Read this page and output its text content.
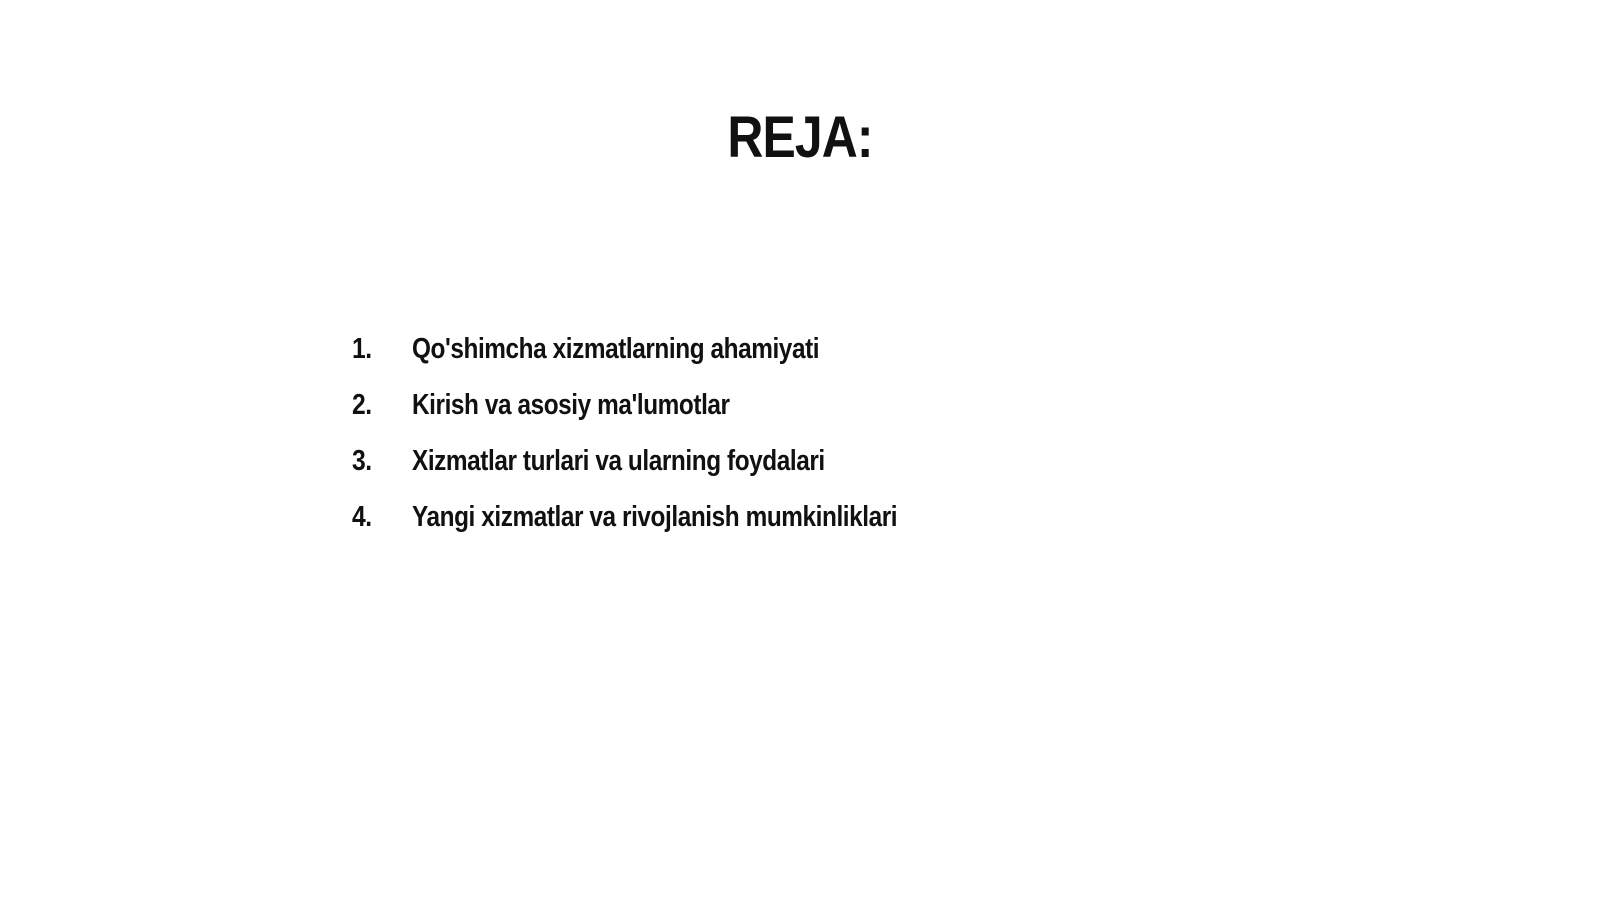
REJA:
1.	Qo'shimcha xizmatlarning ahamiyati
2.	Kirish va asosiy ma'lumotlar
3.	Xizmatlar turlari va ularning foydalari
4.	Yangi xizmatlar va rivojlanish mumkinliklari
